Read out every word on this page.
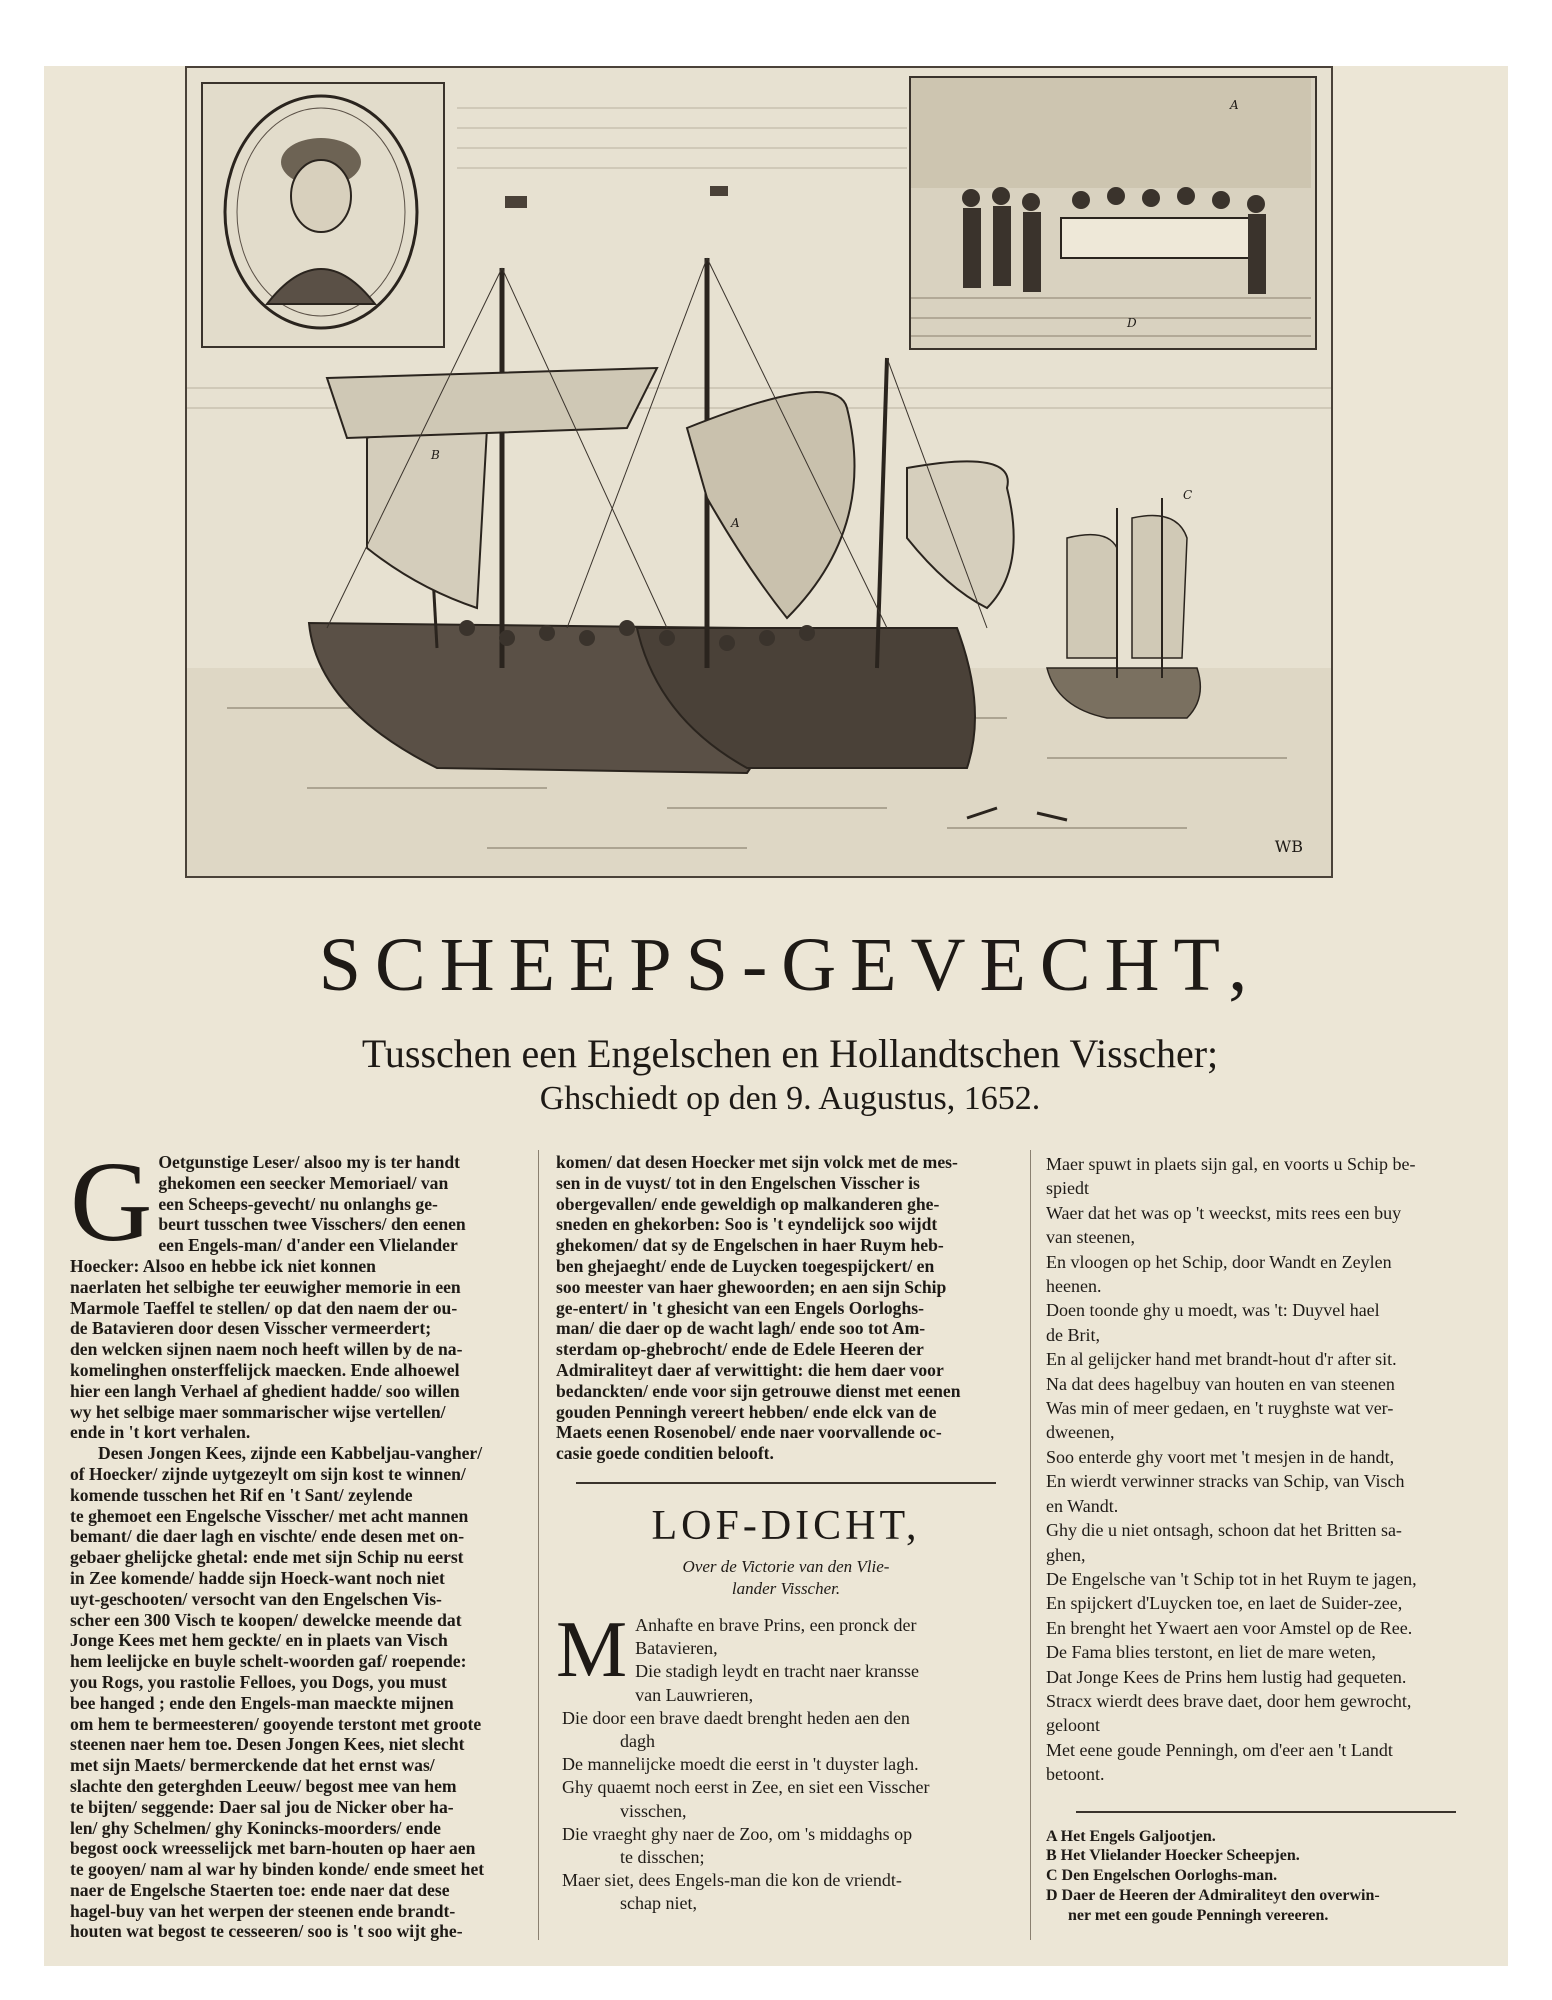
A
B
A
C
D
WB
SCHEEPS-GEVECHT,
Tusschen een Engelschen en Hollandtschen Visscher;
Ghschiedt op den 9. Augustus, 1652.
G Oetgunstige Leser/ alsoo my is ter handt

ghekomen een seecker Memoriael/ van

een Scheeps-gevecht/ nu onlanghs ge-

beurt tusschen twee Visschers/ den eenen

een Engels-man/ d'ander een Vlielander

Hoecker: Alsoo en hebbe ick niet konnen

naerlaten het selbighe ter eeuwigher memorie in een

Marmole Taeffel te stellen/ op dat den naem der ou-

de Batavieren door desen Visscher vermeerdert;

den welcken sijnen naem noch heeft willen by de na-

komelinghen onsterffelijck maecken. Ende alhoewel

hier een langh Verhael af ghedient hadde/ soo willen

wy het selbige maer sommarischer wijse vertellen/

ende in 't kort verhalen.

Desen Jongen Kees, zijnde een Kabbeljau-vangher/

of Hoecker/ zijnde uytgezeylt om sijn kost te winnen/

komende tusschen het Rif en 't Sant/ zeylende

te ghemoet een Engelsche Visscher/ met acht mannen

bemant/ die daer lagh en vischte/ ende desen met on-

gebaer ghelijcke ghetal: ende met sijn Schip nu eerst

in Zee komende/ hadde sijn Hoeck-want noch niet

uyt-geschooten/ versocht van den Engelschen Vis-

scher een 300 Visch te koopen/ dewelcke meende dat

Jonge Kees met hem geckte/ en in plaets van Visch

hem leelijcke en buyle schelt-woorden gaf/ roepende:

you Rogs, you rastolie Felloes, you Dogs, you must

bee hanged ; ende den Engels-man maeckte mijnen

om hem te bermeesteren/ gooyende terstont met groote

steenen naer hem toe. Desen Jongen Kees, niet slecht

met sijn Maets/ bermerckende dat het ernst was/

slachte den geterghden Leeuw/ begost mee van hem

te bijten/ seggende: Daer sal jou de Nicker ober ha-

len/ ghy Schelmen/ ghy Konincks-moorders/ ende

begost oock wreesselijck met barn-houten op haer aen

te gooyen/ nam al war hy binden konde/ ende smeet het

naer de Engelsche Staerten toe: ende naer dat dese

hagel-buy van het werpen der steenen ende brandt-

houten wat begost te cesseeren/ soo is 't soo wijt ghe-

komen/ dat desen Hoecker met sijn volck met de mes-

sen in de vuyst/ tot in den Engelschen Visscher is

obergevallen/ ende geweldigh op malkanderen ghe-

sneden en ghekorben: Soo is 't eyndelijck soo wijdt

ghekomen/ dat sy de Engelschen in haer Ruym heb-

ben ghejaeght/ ende de Luycken toegespijckert/ en

soo meester van haer ghewoorden; en aen sijn Schip

ge-entert/ in 't ghesicht van een Engels Oorloghs-

man/ die daer op de wacht lagh/ ende soo tot Am-

sterdam op-ghebrocht/ ende de Edele Heeren der

Admiraliteyt daer af verwittight: die hem daer voor

bedanckten/ ende voor sijn getrouwe dienst met eenen

gouden Penningh vereert hebben/ ende elck van de

Maets eenen Rosenobel/ ende naer voorvallende oc-

casie goede conditien belooft.

LOF-DICHT,
Over de Victorie van den Vlie-
lander Visscher.
M Anhafte en brave Prins, een pronck der

Batavieren,

Die stadigh leydt en tracht naer kransse

van Lauwrieren,

Die door een brave daedt brenght heden aen den

dagh

De mannelijcke moedt die eerst in 't duyster lagh.

Ghy quaemt noch eerst in Zee, en siet een Visscher

visschen,

Die vraeght ghy naer de Zoo, om 's middaghs op

te disschen;

Maer siet, dees Engels-man die kon de vriendt-

schap niet,

Maer spuwt in plaets sijn gal, en voorts u Schip be-

spiedt

Waer dat het was op 't weeckst, mits rees een buy

van steenen,

En vloogen op het Schip, door Wandt en Zeylen

heenen.

Doen toonde ghy u moedt, was 't: Duyvel hael

de Brit,

En al gelijcker hand met brandt-hout d'r after sit.

Na dat dees hagelbuy van houten en van steenen

Was min of meer gedaen, en 't ruyghste wat ver-

dweenen,

Soo enterde ghy voort met 't mesjen in de handt,

En wierdt verwinner stracks van Schip, van Visch

en Wandt.

Ghy die u niet ontsagh, schoon dat het Britten sa-

ghen,

De Engelsche van 't Schip tot in het Ruym te jagen,

En spijckert d'Luycken toe, en laet de Suider-zee,

En brenght het Ywaert aen voor Amstel op de Ree.

De Fama blies terstont, en liet de mare weten,

Dat Jonge Kees de Prins hem lustig had gequeten.

Stracx wierdt dees brave daet, door hem gewrocht,

geloont

Met eene goude Penningh, om d'eer aen 't Landt

betoont.

A Het Engels Galjootjen.

B Het Vlielander Hoecker Scheepjen.

C Den Engelschen Oorloghs-man.

D Daer de Heeren der Admiraliteyt den overwin-

ner met een goude Penningh vereeren.
